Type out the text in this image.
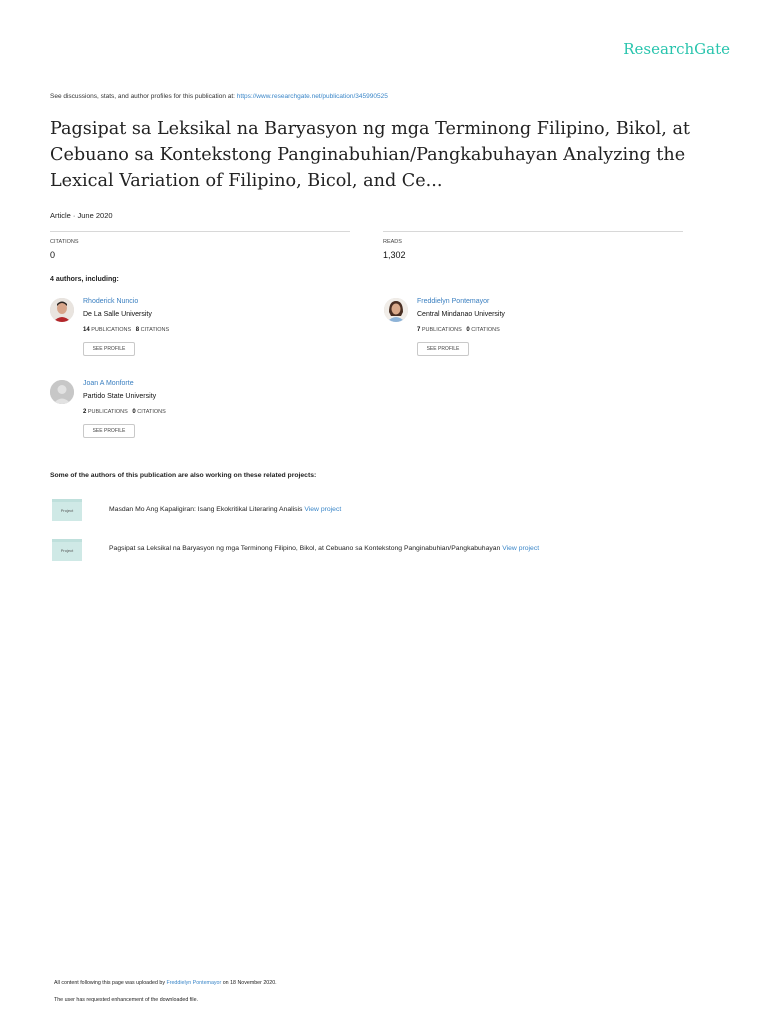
ResearchGate
See discussions, stats, and author profiles for this publication at: https://www.researchgate.net/publication/345990525
Pagsipat sa Leksikal na Baryasyon ng mga Terminong Filipino, Bikol, at Cebuano sa Kontekstong Panginabuhian/Pangkabuhayan Analyzing the Lexical Variation of Filipino, Bicol, and Ce...
Article · June 2020
CITATIONS
0
READS
1,302
4 authors, including:
Rhoderick Nuncio
De La Salle University
14 PUBLICATIONS 8 CITATIONS
SEE PROFILE
Freddielyn Pontemayor
Central Mindanao University
7 PUBLICATIONS 0 CITATIONS
SEE PROFILE
Joan A Monforte
Partido State University
2 PUBLICATIONS 0 CITATIONS
SEE PROFILE
Some of the authors of this publication are also working on these related projects:
Project	Masdan Mo Ang Kapaligiran: Isang Ekokritikal Literaring Analisis View project
Project	Pagsipat sa Leksikal na Baryasyon ng mga Terminong Filipino, Bikol, at Cebuano sa Kontekstong Panginabuhian/Pangkabuhayan View project
All content following this page was uploaded by Freddielyn Pontemayor on 18 November 2020.
The user has requested enhancement of the downloaded file.
